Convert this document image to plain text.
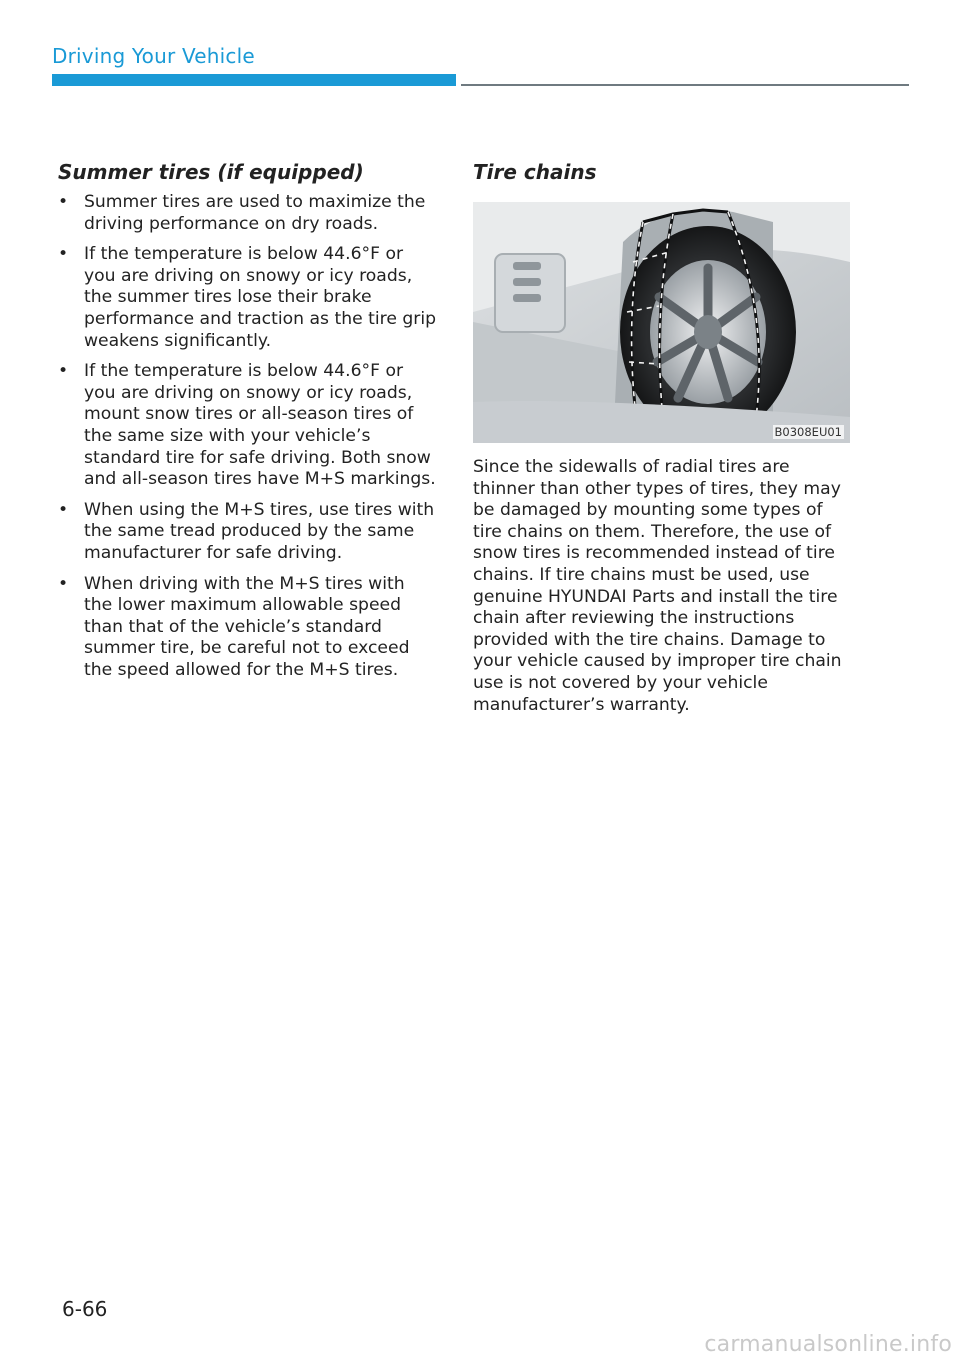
Driving Your Vehicle
Summer tires (if equipped)
• Summer tires are used to maximize the driving performance on dry roads.
• If the temperature is below 44.6°F or you are driving on snowy or icy roads, the summer tires lose their brake performance and traction as the tire grip weakens significantly.
• If the temperature is below 44.6°F or you are driving on snowy or icy roads, mount snow tires or all-season tires of the same size with your vehicle’s standard tire for safe driving. Both snow and all-season tires have M+S markings.
• When using the M+S tires, use tires with the same tread produced by the same manufacturer for safe driving.
• When driving with the M+S tires with the lower maximum allowable speed than that of the vehicle’s standard summer tire, be careful not to exceed the speed allowed for the M+S tires.
Tire chains
B0308EU01

Since the sidewalls of radial tires are thinner than other types of tires, they may be damaged by mounting some types of tire chains on them. Therefore, the use of snow tires is recommended instead of tire chains. If tire chains must be used, use genuine HYUNDAI Parts and install the tire chain after reviewing the instructions provided with the tire chains. Damage to your vehicle caused by improper tire chain use is not covered by your vehicle manufacturer’s warranty.

6-66
carmanualsonline.info
